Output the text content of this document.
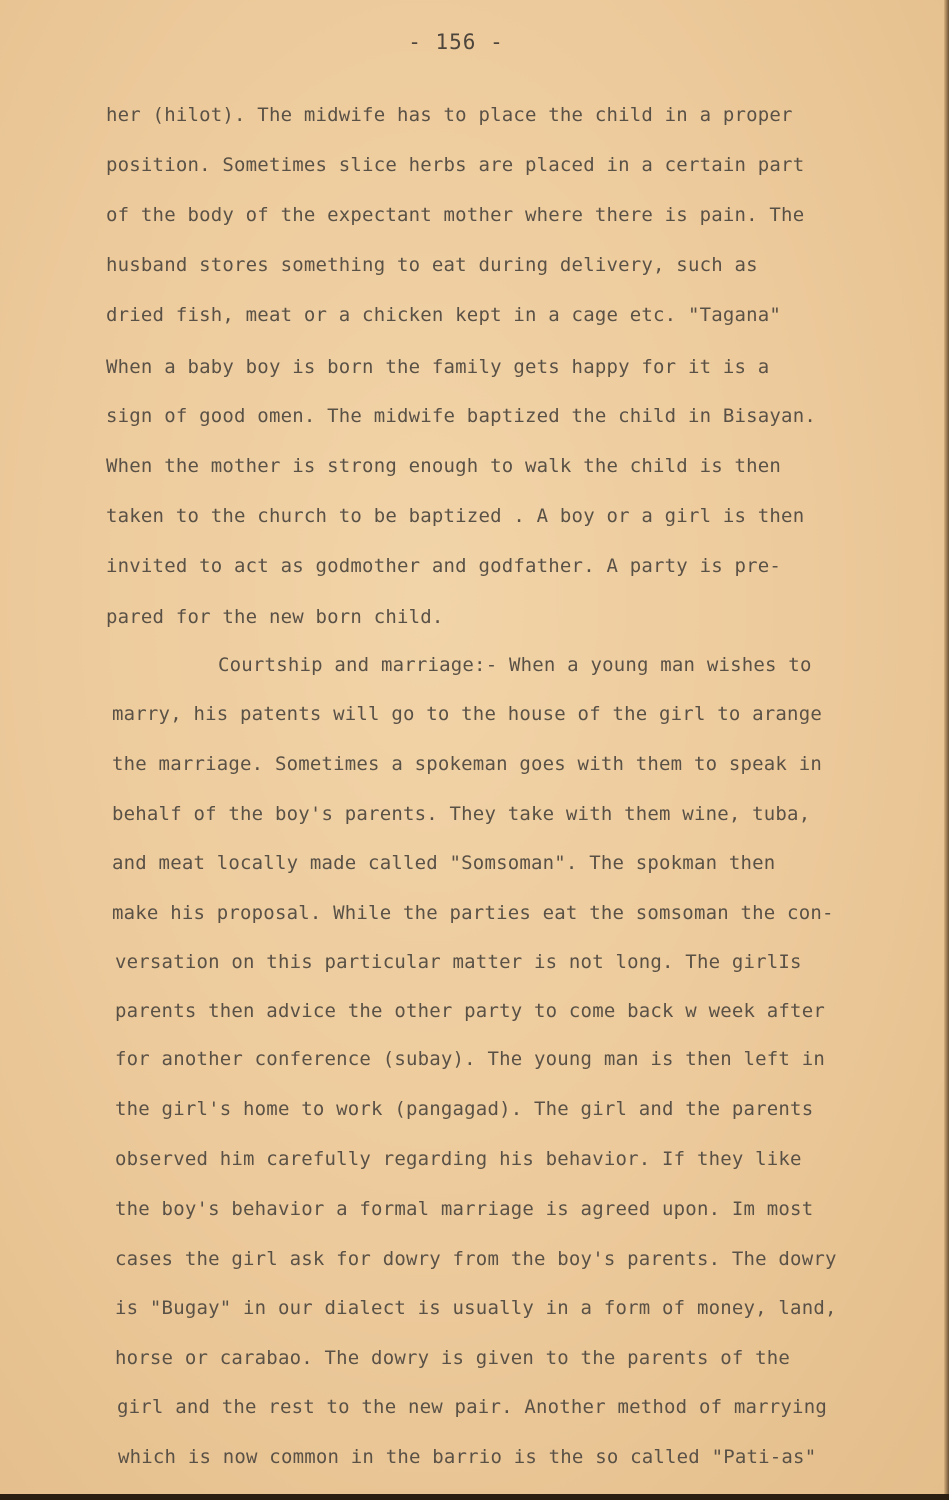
- 156 -
her (hilot). The midwife has to place the child in a proper
position. Sometimes slice herbs are placed in a certain part
of the body of the expectant mother where there is pain. The
husband stores something to eat during delivery, such as
dried fish, meat or a chicken kept in a cage etc. "Tagana"
When a baby boy is born the family gets happy for it is a
sign of good omen. The midwife baptized the child in Bisayan.
When the mother is strong enough to walk the child is then
taken to the church to be baptized . A boy or a girl is then
invited to act as godmother and godfather. A party is pre-
pared for the new born child.
Courtship and marriage:- When a young man wishes to
marry, his patents will go to the house of the girl to arange
the marriage. Sometimes a spokeman goes with them to speak in
behalf of the boy's parents. They take with them wine, tuba,
and meat locally made called "Somsoman". The spokman then
make his proposal. While the parties eat the somsoman the con-
versation on this particular matter is not long. The girlIs
parents then advice the other party to come back w week after
for another conference (subay). The young man is then left in
the girl's home to work (pangagad). The girl and the parents
observed him carefully regarding his behavior. If they like
the boy's behavior a formal marriage is agreed upon. Im most
cases the girl ask for dowry from the boy's parents. The dowry
is "Bugay" in our dialect is usually in a form of money, land,
horse or carabao. The dowry is given to the parents of the
girl and the rest to the new pair. Another method of marrying
which is now common in the barrio is the so called "Pati-as"
